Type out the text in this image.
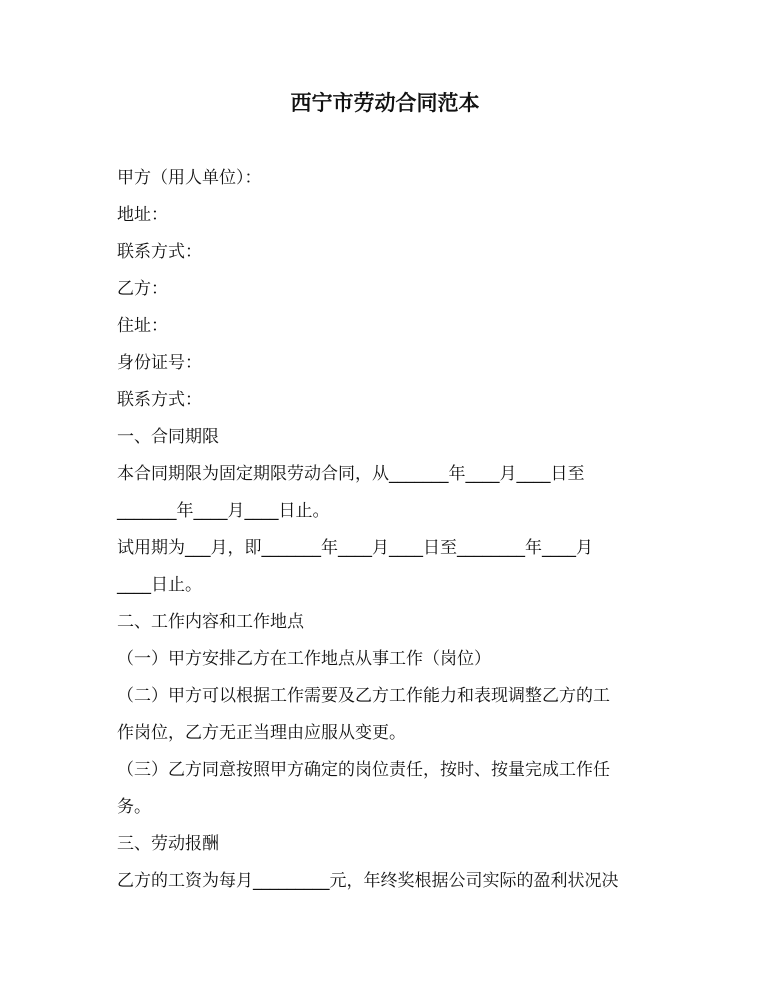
西宁市劳动合同范本
甲方（用人单位）：
地址：
联系方式：
乙方：
住址：
身份证号：
联系方式：
一、合同期限
本合同期限为固定期限劳动合同，从_______年____月____日至
_______年____月____日止。
试用期为___月，即_______年____月____日至________年____月
____日止。
二、工作内容和工作地点
（一）甲方安排乙方在工作地点从事工作（岗位）
（二）甲方可以根据工作需要及乙方工作能力和表现调整乙方的工
作岗位，乙方无正当理由应服从变更。
（三）乙方同意按照甲方确定的岗位责任，按时、按量完成工作任
务。
三、劳动报酬
乙方的工资为每月_________元，年终奖根据公司实际的盈利状况决
